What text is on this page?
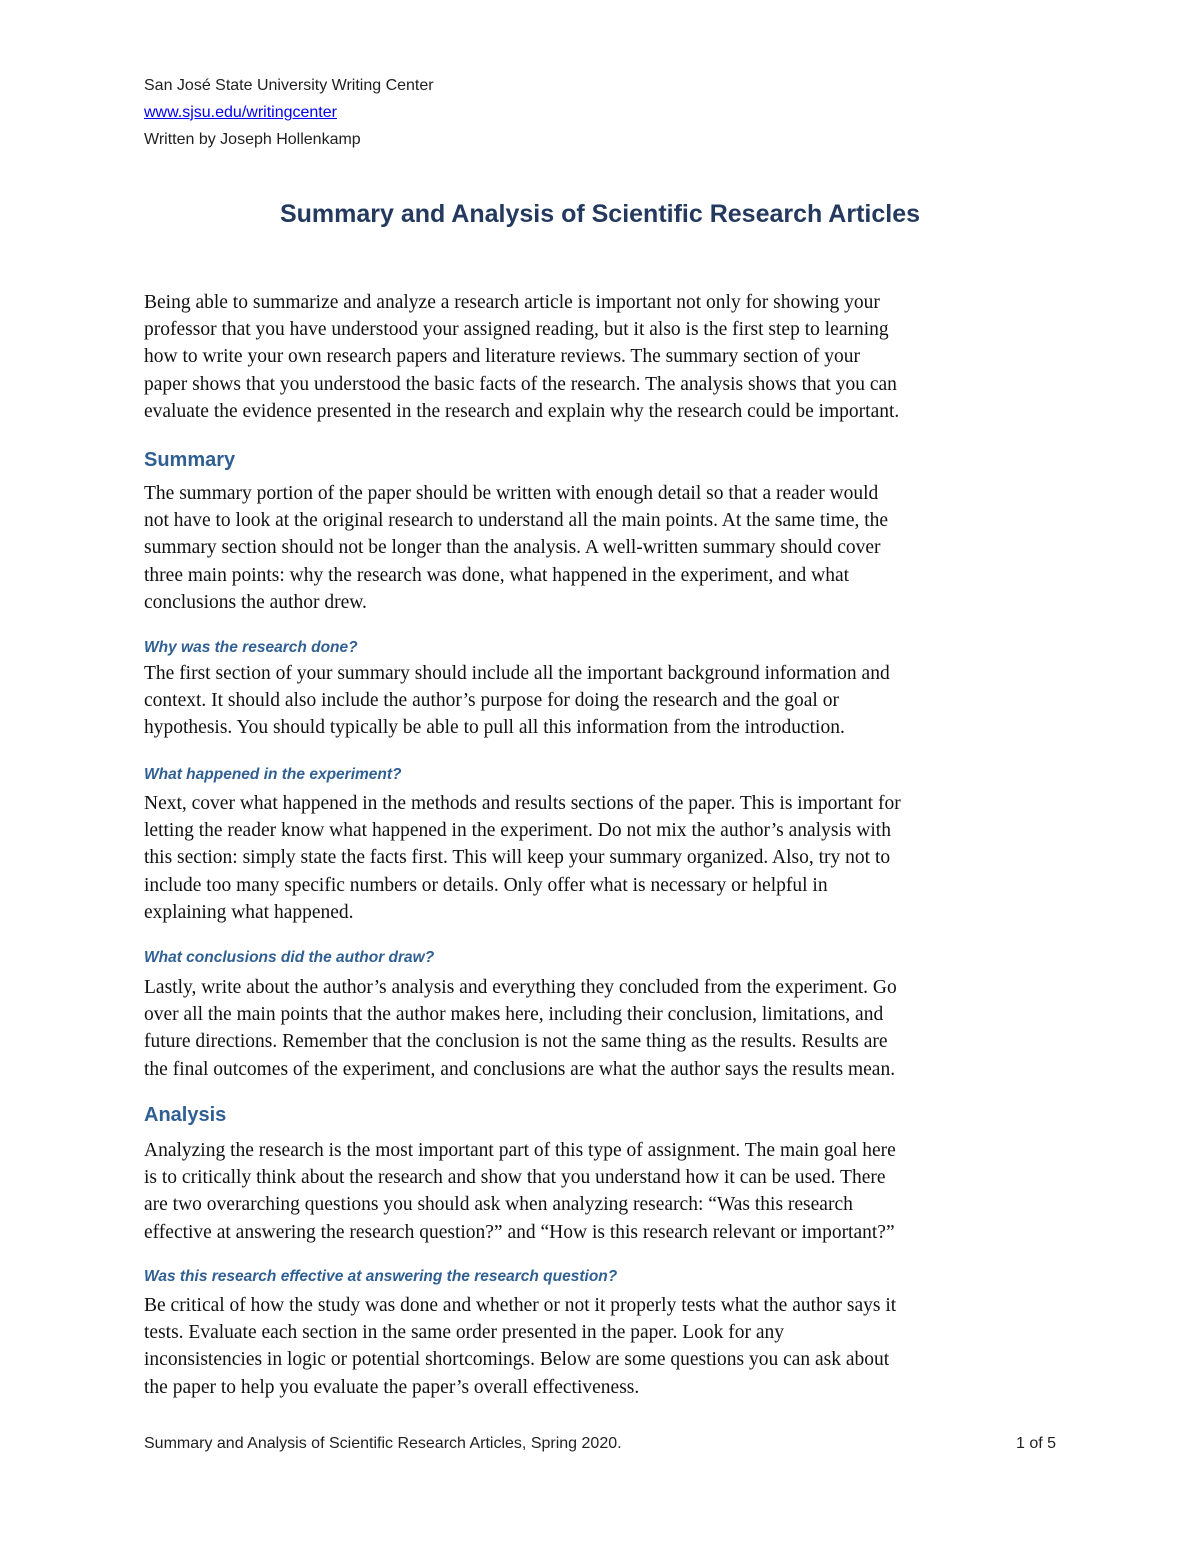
San José State University Writing Center
www.sjsu.edu/writingcenter
Written by Joseph Hollenkamp
Summary and Analysis of Scientific Research Articles
Being able to summarize and analyze a research article is important not only for showing your
professor that you have understood your assigned reading, but it also is the first step to learning
how to write your own research papers and literature reviews. The summary section of your
paper shows that you understood the basic facts of the research. The analysis shows that you can
evaluate the evidence presented in the research and explain why the research could be important.
Summary
The summary portion of the paper should be written with enough detail so that a reader would
not have to look at the original research to understand all the main points. At the same time, the
summary section should not be longer than the analysis. A well-written summary should cover
three main points: why the research was done, what happened in the experiment, and what
conclusions the author drew.
Why was the research done?
The first section of your summary should include all the important background information and
context. It should also include the author’s purpose for doing the research and the goal or
hypothesis. You should typically be able to pull all this information from the introduction.
What happened in the experiment?
Next, cover what happened in the methods and results sections of the paper. This is important for
letting the reader know what happened in the experiment. Do not mix the author’s analysis with
this section: simply state the facts first. This will keep your summary organized. Also, try not to
include too many specific numbers or details. Only offer what is necessary or helpful in
explaining what happened.
What conclusions did the author draw?
Lastly, write about the author’s analysis and everything they concluded from the experiment. Go
over all the main points that the author makes here, including their conclusion, limitations, and
future directions. Remember that the conclusion is not the same thing as the results. Results are
the final outcomes of the experiment, and conclusions are what the author says the results mean.
Analysis
Analyzing the research is the most important part of this type of assignment. The main goal here
is to critically think about the research and show that you understand how it can be used. There
are two overarching questions you should ask when analyzing research: “Was this research
effective at answering the research question?” and “How is this research relevant or important?”
Was this research effective at answering the research question?
Be critical of how the study was done and whether or not it properly tests what the author says it
tests. Evaluate each section in the same order presented in the paper. Look for any
inconsistencies in logic or potential shortcomings. Below are some questions you can ask about
the paper to help you evaluate the paper’s overall effectiveness.
Summary and Analysis of Scientific Research Articles, Spring 2020.	1 of 5
